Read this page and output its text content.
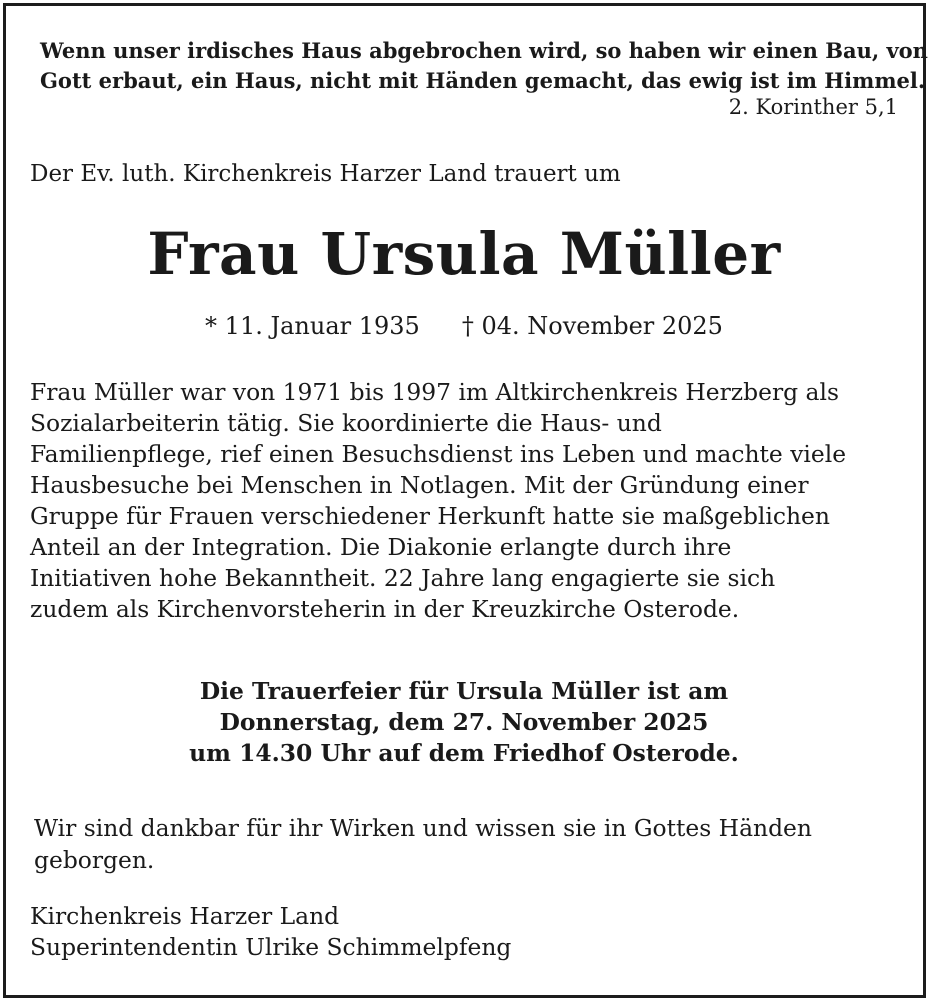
Wenn unser irdisches Haus abgebrochen wird, so haben wir einen Bau, von
Gott erbaut, ein Haus, nicht mit Händen gemacht, das ewig ist im Himmel.
2. Korinther 5,1
Der Ev. luth. Kirchenkreis Harzer Land trauert um
Frau Ursula Müller
* 11. Januar 1935 † 04. November 2025
Frau Müller war von 1971 bis 1997 im Altkirchenkreis Herzberg als
Sozialarbeiterin tätig. Sie koordinierte die Haus- und
Familienpflege, rief einen Besuchsdienst ins Leben und machte viele
Hausbesuche bei Menschen in Notlagen. Mit der Gründung einer
Gruppe für Frauen verschiedener Herkunft hatte sie maßgeblichen
Anteil an der Integration. Die Diakonie erlangte durch ihre
Initiativen hohe Bekanntheit. 22 Jahre lang engagierte sie sich
zudem als Kirchenvorsteherin in der Kreuzkirche Osterode.
Die Trauerfeier für Ursula Müller ist am
Donnerstag, dem 27. November 2025
um 14.30 Uhr auf dem Friedhof Osterode.
Wir sind dankbar für ihr Wirken und wissen sie in Gottes Händen
geborgen.
Kirchenkreis Harzer Land
Superintendentin Ulrike Schimmelpfeng
